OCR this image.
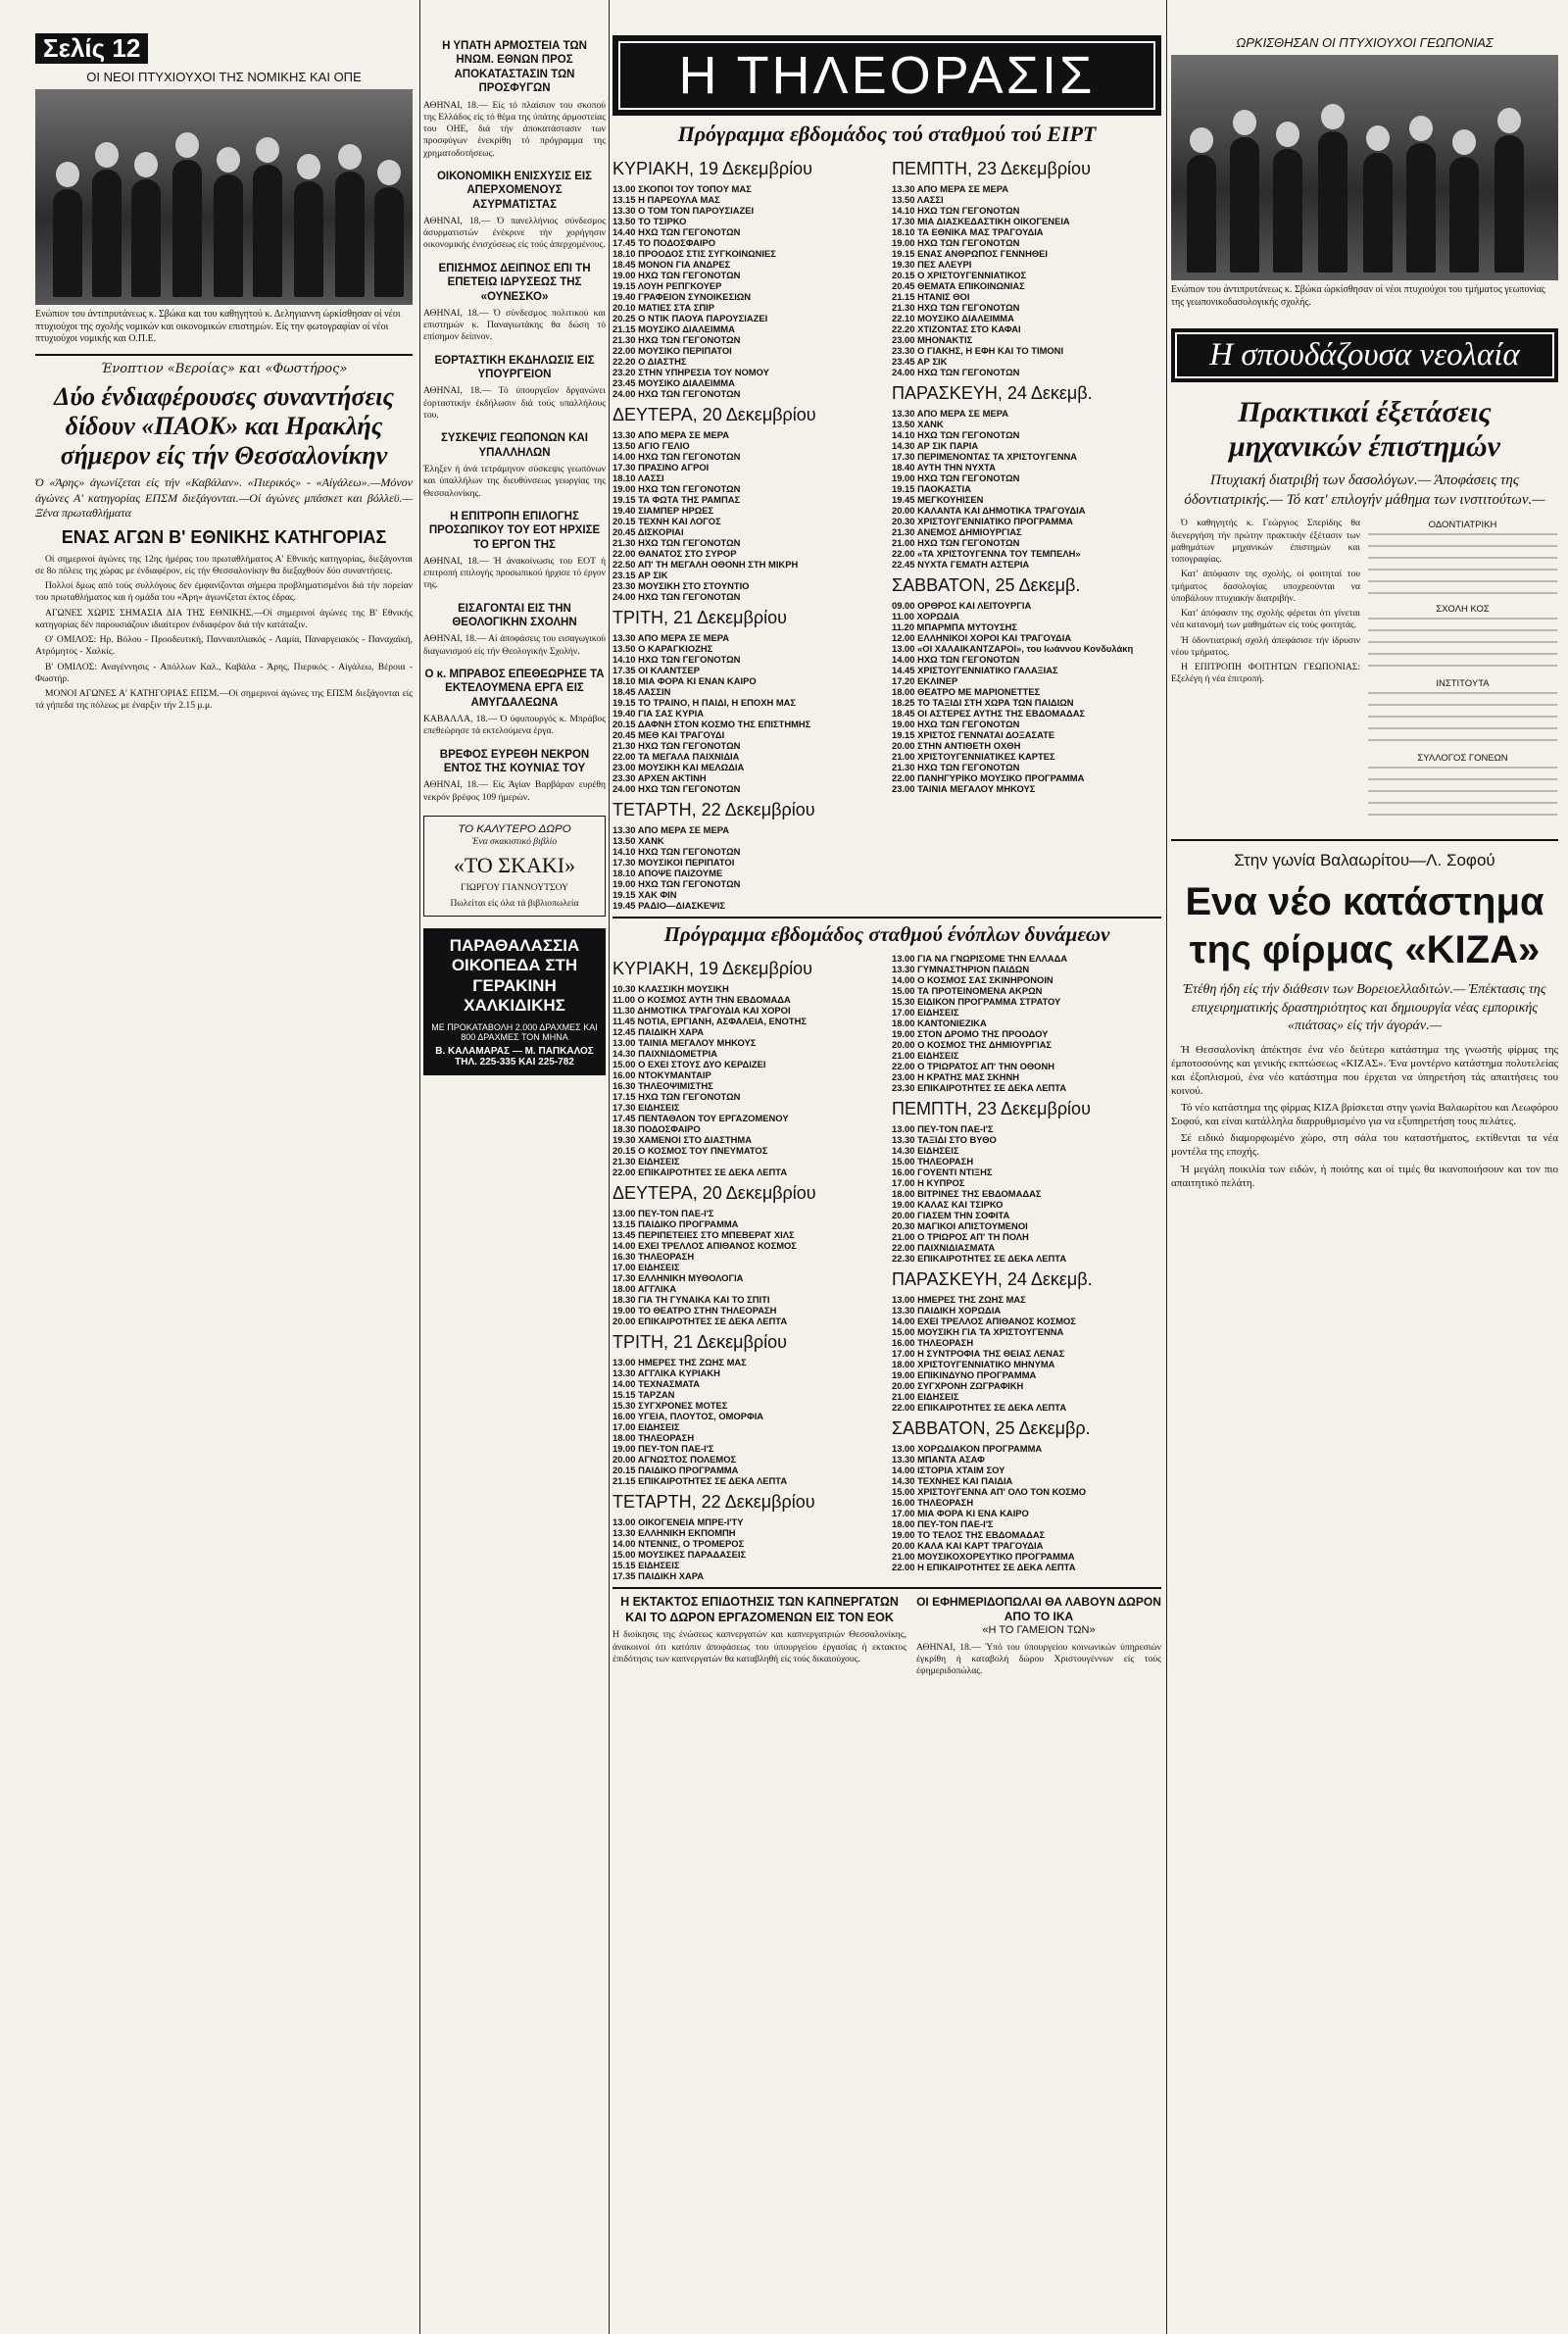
Σελίς 12
ΟΙ ΝΕΟΙ ΠΤΥΧΙΟΥΧΟΙ ΤΗΣ ΝΟΜΙΚΗΣ ΚΑΙ ΟΠΕ
Ενώπιον του άντιπρυτάνεως κ. Σβώκα και του καθηγητού κ. Δεληγιαννη ώρκίσθησαν οί νέοι πτυχιούχοι της σχολής νομικών και οικονομικών επιστημών. Είς την φωτογραφίαν οί νέοι πτυχιούχοι νομικής και Ο.Π.Ε.
Ένοπτιον «Βεροίας» και «Φωστήρος»
Δύο ένδιαφέρουσες συναντήσεις δίδουν «ΠΑΟΚ» και Ηρακλής σήμερον είς τήν Θεσσαλονίκην
Ό «Άρης» άγωνίζεται είς τήν «Καβάλαν». «Πιερικός» - «Αίγάλεω».—Μόνον άγώνες Α' κατηγορίας ΕΠΣΜ διεξάγονται.—Οί άγώνες μπάσκετ και βόλλεϋ.—Ξένα πρωταθλήματα
ΕΝΑΣ ΑΓΩΝ Β' ΕΘΝΙΚΗΣ ΚΑΤΗΓΟΡΙΑΣ

Οί σημερινοί άγώνες της 12ης ήμέρας του πρωταθλήματος Α' Εθνικής κατηγορίας, διεξάγονται σε 8ο πόλεις της χώρας με ένδιαφέρον, είς τήν Θεσσαλονίκην θα διεξαχθούν δύο συναντήσεις.

Πολλοί δμως από τούς συλλόγους δεν έμφανίζονται σήμερα προβληματισμένοι διά τήν πορείαν του πρωταθλήματος και ή ομάδα του «Άρη» άγωνίζεται έκτος έδρας.

ΑΓΩΝΕΣ ΧΩΡΙΣ ΣΗΜΑΣΙΑ ΔΙΑ ΤΗΣ ΕΘΝΙΚΗΣ.—Οί σημερινοί άγώνες της Β' Εθνικής κατηγορίας δέν παρουσιάζουν ιδιαίτερον ένδιαφέρον διά τήν κατάταξιν.

Ο' ΟΜΙΛΟΣ: Ηρ. Βόλου - Προοδευτική, Πανναυπλιακός - Λαμία, Παναργειακός - Παναχαϊκή, Ατρόμητος - Χαλκίς.

Β' ΟΜΙΛΟΣ: Αναγέννησις - Απόλλων Καλ., Καβάλα - Άρης, Πιερικός - Αίγάλεω, Βέροια - Φωστήρ.

ΜΟΝΟΙ ΑΓΩΝΕΣ Α' ΚΑΤΗΓΟΡΙΑΣ ΕΠΣΜ.—Οί σημερινοί άγώνες της ΕΠΣΜ διεξάγονται είς τά γήπεδα της πόλεως με έναρξιν τήν 2.15 μ.μ.

Η ΥΠΑΤΗ ΑΡΜΟΣΤΕΙΑ ΤΩΝ ΗΝΩΜ. ΕΘΝΩΝ ΠΡΟΣ ΑΠΟΚΑΤΑΣΤΑΣΙΝ ΤΩΝ ΠΡΟΣΦΥΓΩΝ
ΑΘΗΝΑΙ, 18.— Είς τό πλαίσιον του σκοπού της Ελλάδος είς τό θέμα της ύπάτης άρμοστείας του ΟΗΕ, διά τήν άποκατάστασιν των προσφύγων ένεκρίθη τό πρόγραμμα της χρηματοδοτήσεως.
ΟΙΚΟΝΟΜΙΚΗ ΕΝΙΣΧΥΣΙΣ ΕΙΣ ΑΠΕΡΧΟΜΕΝΟΥΣ ΑΣΥΡΜΑΤΙΣΤΑΣ
ΑΘΗΝΑΙ, 18.— Ό πανελλήνιος σύνδεσμος άσυρματιστών ένέκρινε τήν χορήγησιν οικονομικής ένισχύσεως είς τούς άπερχομένους.
ΕΠΙΣΗΜΟΣ ΔΕΙΠΝΟΣ ΕΠΙ ΤΗ ΕΠΕΤΕΙΩ ΙΔΡΥΣΕΩΣ ΤΗΣ «ΟΥΝΕΣΚΟ»
ΑΘΗΝΑΙ, 18.— Ό σύνδεσμος πολιτικού και επιστημών κ. Παναγιωτάκης θα δώση τό επίσημον δείπνον.
ΕΟΡΤΑΣΤΙΚΗ ΕΚΔΗΛΩΣΙΣ ΕΙΣ ΥΠΟΥΡΓΕΙΟΝ
ΑΘΗΝΑΙ, 18.— Τό ύπουργεΐον δργανώνει έορταστικήν έκδήλωσιν διά τούς υπαλλήλους του.
ΣΥΣΚΕΨΙΣ ΓΕΩΠΟΝΩΝ ΚΑΙ ΥΠΑΛΛΗΛΩΝ
Έληξεν ή άνά τετράμηνον σύσκεψις γεωπόνων και ύπαλλήλων της διευθύνσεως γεωργίας της Θεσσαλονίκης.
Η ΕΠΙΤΡΟΠΗ ΕΠΙΛΟΓΗΣ ΠΡΟΣΩΠΙΚΟΥ ΤΟΥ ΕΟΤ ΗΡΧΙΣΕ ΤΟ ΕΡΓΟΝ ΤΗΣ
ΑΘΗΝΑΙ, 18.— Ή άνακοίνωσις του ΕΟΤ ή επιτροπή επιλογής προσωπικού ήρχισε τό έργον της.
ΕΙΣΑΓΟΝΤΑΙ ΕΙΣ ΤΗΝ ΘΕΟΛΟΓΙΚΗΝ ΣΧΟΛΗΝ
ΑΘΗΝΑΙ, 18.— Αί άποφάσεις του εισαγωγικού διαγωνισμού είς τήν Θεολογικήν Σχολήν.
Ο κ. ΜΠΡΑΒΟΣ ΕΠΕΘΕΩΡΗΣΕ ΤΑ ΕΚΤΕΛΟΥΜΕΝΑ ΕΡΓΑ ΕΙΣ ΑΜΥΓΔΑΛΕΩΝΑ
ΚΑΒΑΛΛΑ, 18.— Ό ύφυπουργός κ. Μπράβος επεθεώρησε τά εκτελούμενα έργα.
ΒΡΕΦΟΣ ΕΥΡΕΘΗ ΝΕΚΡΟΝ ΕΝΤΟΣ ΤΗΣ ΚΟΥΝΙΑΣ ΤΟΥ
ΑΘΗΝΑΙ, 18.— Είς Άγίαν Βαρβάραν ευρέθη νεκρόν βρέφος 109 ήμερών.
ΤΟ ΚΑΛΥΤΕΡΟ ΔΩΡΟ
Ένα σκακιστικό βιβλίο
«ΤΟ ΣΚΑΚΙ»
ΓΙΩΡΓΟΥ ΓΙΑΝΝΟΥΤΣΟΥ
Πωλείται είς όλα τά βιβλιοπωλεία
ΠΑΡΑΘΑΛΑΣΣΙΑ ΟΙΚΟΠΕΔΑ ΣΤΗ ΓΕΡΑΚΙΝΗ ΧΑΛΚΙΔΙΚΗΣ
ΜΕ ΠΡΟΚΑΤΑΒΟΛΗ 2.000 ΔΡΑΧΜΕΣ ΚΑΙ 800 ΔΡΑΧΜΕΣ ΤΟΝ ΜΗΝΑ
Β. ΚΑΛΑΜΑΡΑΣ — Μ. ΠΑΠΚΑΛΟΣ
ΤΗΛ. 225-335 ΚΑΙ 225-782
Η ΤΗΛΕΟΡΑΣΙΣ
Πρόγραμμα εβδομάδος τού σταθμού τού ΕΙΡΤ
ΚΥΡΙΑΚΗ, 19 Δεκεμβρίου
13.00 ΣΚΟΠΟΙ ΤΟΥ ΤΟΠΟΥ ΜΑΣ
13.15 Η ΠΑΡΕΟΥΛΑ ΜΑΣ
13.30 Ο ΤΟΜ ΤΟΝ ΠΑΡΟΥΣΙΑΖΕΙ
13.50 ΤΟ ΤΣΙΡΚΟ
14.40 ΗΧΩ ΤΩΝ ΓΕΓΟΝΟΤΩΝ
17.45 ΤΟ ΠΟΔΟΣΦΑΙΡΟ
18.10 ΠΡΟΟΔΟΣ ΣΤΙΣ ΣΥΓΚΟΙΝΩΝΙΕΣ
18.45 ΜΟΝΟΝ ΓΙΑ ΑΝΔΡΕΣ
19.00 ΗΧΩ ΤΩΝ ΓΕΓΟΝΟΤΩΝ
19.15 ΛΟΥΗ ΡΕΠΓΚΟΥΕΡ
19.40 ΓΡΑΦΕΙΟΝ ΣΥΝΟΙΚΕΣΙΩΝ
20.10 ΜΑΤΙΕΣ ΣΤΑ ΣΠΙΡ
20.25 Ο ΝΤΙΚ ΠΑΟΥΑ ΠΑΡΟΥΣΙΑΖΕΙ
21.15 ΜΟΥΣΙΚΟ ΔΙΑΛΕΙΜΜΑ
21.30 ΗΧΩ ΤΩΝ ΓΕΓΟΝΟΤΩΝ
22.00 ΜΟΥΣΙΚΟ ΠΕΡΙΠΑΤΟΙ
22.20 Ο ΔΙΑΣΤΗΣ
23.20 ΣΤΗΝ ΥΠΗΡΕΣΙΑ ΤΟΥ ΝΟΜΟΥ
23.45 ΜΟΥΣΙΚΟ ΔΙΑΛΕΙΜΜΑ
24.00 ΗΧΩ ΤΩΝ ΓΕΓΟΝΟΤΩΝ
ΔΕΥΤΕΡΑ, 20 Δεκεμβρίου
13.30 ΑΠΟ ΜΕΡΑ ΣΕ ΜΕΡΑ
13.50 ΑΓΙΟ ΓΕΛΙΟ
14.00 ΗΧΩ ΤΩΝ ΓΕΓΟΝΟΤΩΝ
17.30 ΠΡΑΣΙΝΟ ΑΓΡΟΙ
18.10 ΛΑΣΣΙ
19.00 ΗΧΩ ΤΩΝ ΓΕΓΟΝΟΤΩΝ
19.15 ΤΑ ΦΩΤΑ ΤΗΣ ΡΑΜΠΑΣ
19.40 ΣΙΑΜΠΕΡ ΗΡΩΕΣ
20.15 ΤΕΧΝΗ ΚΑΙ ΛΟΓΟΣ
20.45 ΔΙΣΚΟΡΙΑΙ
21.30 ΗΧΩ ΤΩΝ ΓΕΓΟΝΟΤΩΝ
22.00 ΘΑΝΑΤΟΣ ΣΤΟ ΣΥΡΟΡ
22.50 ΑΠ' ΤΗ ΜΕΓΑΛΗ ΟΘΟΝΗ ΣΤΗ ΜΙΚΡΗ
23.15 ΑΡ ΣΙΚ
23.30 ΜΟΥΣΙΚΗ ΣΤΟ ΣΤΟΥΝΤΙΟ
24.00 ΗΧΩ ΤΩΝ ΓΕΓΟΝΟΤΩΝ
ΤΡΙΤΗ, 21 Δεκεμβρίου
13.30 ΑΠΟ ΜΕΡΑ ΣΕ ΜΕΡΑ
13.50 Ο ΚΑΡΑΓΚΙΟΖΗΣ
14.10 ΗΧΩ ΤΩΝ ΓΕΓΟΝΟΤΩΝ
17.35 ΟΙ ΚΛΑΝΤΣΕΡ
18.10 ΜΙΑ ΦΟΡΑ ΚΙ ΕΝΑΝ ΚΑΙΡΟ
18.45 ΛΑΣΣΙΝ
19.15 ΤΟ ΤΡΑΙΝΟ, Η ΠΑΙΔΙ, Η ΕΠΟΧΗ ΜΑΣ
19.40 ΓΙΑ ΣΑΣ ΚΥΡΙΑ
20.15 ΔΑΦΝΗ ΣΤΟΝ ΚΟΣΜΟ ΤΗΣ ΕΠΙΣΤΗΜΗΣ
20.45 ΜΕΘ ΚΑΙ ΤΡΑΓΟΥΔΙ
21.30 ΗΧΩ ΤΩΝ ΓΕΓΟΝΟΤΩΝ
22.00 ΤΑ ΜΕΓΑΛΑ ΠΑΙΧΝΙΔΙΑ
23.00 ΜΟΥΣΙΚΗ ΚΑΙ ΜΕΛΩΔΙΑ
23.30 ΑΡΧΕΝ ΑΚΤΙΝΗ
24.00 ΗΧΩ ΤΩΝ ΓΕΓΟΝΟΤΩΝ
ΤΕΤΑΡΤΗ, 22 Δεκεμβρίου
13.30 ΑΠΟ ΜΕΡΑ ΣΕ ΜΕΡΑ
13.50 ΧΑΝΚ
14.10 ΗΧΩ ΤΩΝ ΓΕΓΟΝΟΤΩΝ
17.30 ΜΟΥΣΙΚΟΙ ΠΕΡΙΠΑΤΟΙ
18.10 ΑΠΟΨΕ ΠΑΙΖΟΥΜΕ
19.00 ΗΧΩ ΤΩΝ ΓΕΓΟΝΟΤΩΝ
19.15 ΧΑΚ ΦΙΝ
19.45 ΡΑΔΙΟ—ΔΙΑΣΚΕΨΙΣ
ΠΕΜΠΤΗ, 23 Δεκεμβρίου
13.30 ΑΠΟ ΜΕΡΑ ΣΕ ΜΕΡΑ
13.50 ΛΑΣΣΙ
14.10 ΗΧΩ ΤΩΝ ΓΕΓΟΝΟΤΩΝ
17.30 ΜΙΑ ΔΙΑΣΚΕΔΑΣΤΙΚΗ ΟΙΚΟΓΕΝΕΙΑ
18.10 ΤΑ ΕΘΝΙΚΑ ΜΑΣ ΤΡΑΓΟΥΔΙΑ
19.00 ΗΧΩ ΤΩΝ ΓΕΓΟΝΟΤΩΝ
19.15 ΕΝΑΣ ΑΝΘΡΩΠΟΣ ΓΕΝΝΗΘΕΙ
19.30 ΠΕΣ ΑΛΕΥΡΙ
20.15 Ο ΧΡΙΣΤΟΥΓΕΝΝΙΑΤΙΚΟΣ
20.45 ΘΕΜΑΤΑ ΕΠΙΚΟΙΝΩΝΙΑΣ
21.15 ΗΤΑΝΙΣ ΘΟΙ
21.30 ΗΧΩ ΤΩΝ ΓΕΓΟΝΟΤΩΝ
22.10 ΜΟΥΣΙΚΟ ΔΙΑΛΕΙΜΜΑ
22.20 ΧΤΙΖΟΝΤΑΣ ΣΤΟ ΚΑΦΑΙ
23.00 ΜΗΟΝΑΚΤΙΣ
23.30 Ο ΓΙΑΚΗΣ, Η ΕΦΗ ΚΑΙ ΤΟ ΤΙΜΟΝΙ
23.45 ΑΡ ΣΙΚ
24.00 ΗΧΩ ΤΩΝ ΓΕΓΟΝΟΤΩΝ
ΠΑΡΑΣΚΕΥΗ, 24 Δεκεμβ.
13.30 ΑΠΟ ΜΕΡΑ ΣΕ ΜΕΡΑ
13.50 ΧΑΝΚ
14.10 ΗΧΩ ΤΩΝ ΓΕΓΟΝΟΤΩΝ
14.30 ΑΡ ΣΙΚ ΠΑΡΙΑ
17.30 ΠΕΡΙΜΕΝΟΝΤΑΣ ΤΑ ΧΡΙΣΤΟΥΓΕΝΝΑ
18.40 ΑΥΤΗ ΤΗΝ ΝΥΧΤΑ
19.00 ΗΧΩ ΤΩΝ ΓΕΓΟΝΟΤΩΝ
19.15 ΠΑΟΚΑΣΤΙΑ
19.45 ΜΕΓΚΟΥΗΙΣΕΝ
20.00 ΚΑΛΑΝΤΑ ΚΑΙ ΔΗΜΟΤΙΚΑ ΤΡΑΓΟΥΔΙΑ
20.30 ΧΡΙΣΤΟΥΓΕΝΝΙΑΤΙΚΟ ΠΡΟΓΡΑΜΜΑ
21.30 ΑΝΕΜΟΣ ΔΗΜΙΟΥΡΓΙΑΣ
21.00 ΗΧΩ ΤΩΝ ΓΕΓΟΝΟΤΩΝ
22.00 «ΤΑ ΧΡΙΣΤΟΥΓΕΝΝΑ ΤΟΥ ΤΕΜΠΕΛΗ»
22.45 ΝΥΧΤΑ ΓΕΜΑΤΗ ΑΣΤΕΡΙΑ
ΣΑΒΒΑΤΟΝ, 25 Δεκεμβ.
09.00 ΟΡΘΡΟΣ ΚΑΙ ΛΕΙΤΟΥΡΓΙΑ
11.00 ΧΟΡΩΔΙΑ
11.20 ΜΠΑΡΜΠΑ ΜΥΤΟΥΣΗΣ
12.00 ΕΛΛΗΝΙΚΟΙ ΧΟΡΟΙ ΚΑΙ ΤΡΑΓΟΥΔΙΑ
13.00 «ΟΙ ΧΑΛΑΙΚΑΝΤΖΑΡΟΙ», του Ιωάννου Κονδυλάκη
14.00 ΗΧΩ ΤΩΝ ΓΕΓΟΝΟΤΩΝ
14.45 ΧΡΙΣΤΟΥΓΕΝΝΙΑΤΙΚΟ ΓΑΛΑΞΙΑΣ
17.20 ΕΚΛΙΝΕΡ
18.00 ΘΕΑΤΡΟ ΜΕ ΜΑΡΙΟΝΕΤΤΕΣ
18.25 ΤΟ ΤΑΞΙΔΙ ΣΤΗ ΧΩΡΑ ΤΩΝ ΠΑΙΔΙΩΝ
18.45 ΟΙ ΑΣΤΕΡΕΣ ΑΥΤΗΣ ΤΗΣ ΕΒΔΟΜΑΔΑΣ
19.00 ΗΧΩ ΤΩΝ ΓΕΓΟΝΟΤΩΝ
19.15 ΧΡΙΣΤΟΣ ΓΕΝΝΑΤΑΙ ΔΟΞΑΣΑΤΕ
20.00 ΣΤΗΝ ΑΝΤΙΘΕΤΗ ΟΧΘΗ
21.00 ΧΡΙΣΤΟΥΓΕΝΝΙΑΤΙΚΕΣ ΚΑΡΤΕΣ
21.30 ΗΧΩ ΤΩΝ ΓΕΓΟΝΟΤΩΝ
22.00 ΠΑΝΗΓΥΡΙΚΟ ΜΟΥΣΙΚΟ ΠΡΟΓΡΑΜΜΑ
23.00 ΤΑΙΝΙΑ ΜΕΓΑΛΟΥ ΜΗΚΟΥΣ
Πρόγραμμα εβδομάδος σταθμού ένόπλων δυνάμεων
ΚΥΡΙΑΚΗ, 19 Δεκεμβρίου
10.30 ΚΛΑΣΣΙΚΗ ΜΟΥΣΙΚΗ
11.00 Ο ΚΟΣΜΟΣ ΑΥΤΗ ΤΗΝ ΕΒΔΟΜΑΔΑ
11.30 ΔΗΜΟΤΙΚΑ ΤΡΑΓΟΥΔΙΑ ΚΑΙ ΧΟΡΟΙ
11.45 ΝΟΤΙΑ, ΕΡΓΙΑΝΗ, ΑΣΦΑΛΕΙΑ, ΕΝΟΤΗΣ
12.45 ΠΑΙΔΙΚΗ ΧΑΡΑ
13.00 ΤΑΙΝΙΑ ΜΕΓΑΛΟΥ ΜΗΚΟΥΣ
14.30 ΠΑΙΧΝΙΔΟΜΕΤΡΙΑ
15.00 Ο ΕΧΕΙ ΣΤΟΥΣ ΔΥΟ ΚΕΡΔΙΖΕΙ
16.00 ΝΤΟΚΥΜΑΝΤΑΙΡ
16.30 ΤΗΛΕΟΨΙΜΙΣΤΗΣ
17.15 ΗΧΩ ΤΩΝ ΓΕΓΟΝΟΤΩΝ
17.30 ΕΙΔΗΣΕΙΣ
17.45 ΠΕΝΤΑΘΛΟΝ ΤΟΥ ΕΡΓΑΖΟΜΕΝΟΥ
18.30 ΠΟΔΟΣΦΑΙΡΟ
19.30 ΧΑΜΕΝΟΙ ΣΤΟ ΔΙΑΣΤΗΜΑ
20.15 Ο ΚΟΣΜΟΣ ΤΟΥ ΠΝΕΥΜΑΤΟΣ
21.30 ΕΙΔΗΣΕΙΣ
22.00 ΕΠΙΚΑΙΡΟΤΗΤΕΣ ΣΕ ΔΕΚΑ ΛΕΠΤΑ
ΔΕΥΤΕΡΑ, 20 Δεκεμβρίου
13.00 ΠΕΥ-ΤΟΝ ΠΑΕ-Ι'Σ
13.15 ΠΑΙΔΙΚΟ ΠΡΟΓΡΑΜΜΑ
13.45 ΠΕΡΙΠΕΤΕΙΕΣ ΣΤΟ ΜΠΕΒΕΡΑΤ ΧΙΛΣ
14.00 ΕΧΕΙ ΤΡΕΛΛΟΣ ΑΠΙΘΑΝΟΣ ΚΟΣΜΟΣ
16.30 ΤΗΛΕΟΡΑΣΗ
17.00 ΕΙΔΗΣΕΙΣ
17.30 ΕΛΛΗΝΙΚΗ ΜΥΘΟΛΟΓΙΑ
18.00 ΑΓΓΛΙΚΑ
18.30 ΓΙΑ ΤΗ ΓΥΝΑΙΚΑ ΚΑΙ ΤΟ ΣΠΙΤΙ
19.00 ΤΟ ΘΕΑΤΡΟ ΣΤΗΝ ΤΗΛΕΟΡΑΣΗ
20.00 ΕΠΙΚΑΙΡΟΤΗΤΕΣ ΣΕ ΔΕΚΑ ΛΕΠΤΑ
ΤΡΙΤΗ, 21 Δεκεμβρίου
13.00 ΗΜΕΡΕΣ ΤΗΣ ΖΩΗΣ ΜΑΣ
13.30 ΑΓΓΛΙΚΑ ΚΥΡΙΑΚΗ
14.00 ΤΕΧΝΑΣΜΑΤΑ
15.15 ΤΑΡΖΑΝ
15.30 ΣΥΓΧΡΟΝΕΣ ΜΟΤΕΣ
16.00 ΥΓΕΙΑ, ΠΛΟΥΤΟΣ, ΟΜΟΡΦΙΑ
17.00 ΕΙΔΗΣΕΙΣ
18.00 ΤΗΛΕΟΡΑΣΗ
19.00 ΠΕΥ-ΤΟΝ ΠΑΕ-Ι'Σ
20.00 ΑΓΝΩΣΤΟΣ ΠΟΛΕΜΟΣ
20.15 ΠΑΙΔΙΚΟ ΠΡΟΓΡΑΜΜΑ
21.15 ΕΠΙΚΑΙΡΟΤΗΤΕΣ ΣΕ ΔΕΚΑ ΛΕΠΤΑ
ΤΕΤΑΡΤΗ, 22 Δεκεμβρίου
13.00 ΟΙΚΟΓΕΝΕΙΑ ΜΠΡΕ-Ι'ΤΥ
13.30 ΕΛΛΗΝΙΚΗ ΕΚΠΟΜΠΗ
14.00 ΝΤΕΝΝΙΣ, Ο ΤΡΟΜΕΡΟΣ
15.00 ΜΟΥΣΙΚΕΣ ΠΑΡΑΔΑΣΕΙΣ
15.15 ΕΙΔΗΣΕΙΣ
17.35 ΠΑΙΔΙΚΗ ΧΑΡΑ
13.00 ΓΙΑ ΝΑ ΓΝΩΡΙΣΟΜΕ ΤΗΝ ΕΛΛΑΔΑ
13.30 ΓΥΜΝΑΣΤΗΡΙΟΝ ΠΑΙΔΩΝ
14.00 Ο ΚΟΣΜΟΣ ΣΑΣ ΣΚΙΝΗΡΟΝΟΙΝ
15.00 ΤΑ ΠΡΟΤΕΙΝΟΜΕΝΑ ΑΚΡΩΝ
15.30 ΕΙΔΙΚΟΝ ΠΡΟΓΡΑΜΜΑ ΣΤΡΑΤΟΥ
17.00 ΕΙΔΗΣΕΙΣ
18.00 ΚΑΝΤΟΝΙΕΖΙΚΑ
19.00 ΣΤΟΝ ΔΡΟΜΟ ΤΗΣ ΠΡΟΟΔΟΥ
20.00 Ο ΚΟΣΜΟΣ ΤΗΣ ΔΗΜΙΟΥΡΓΙΑΣ
21.00 ΕΙΔΗΣΕΙΣ
22.00 Ο ΤΡΙΩΡΑΤΟΣ ΑΠ' ΤΗΝ ΟΘΟΝΗ
23.00 Η ΚΡΑΤΗΣ ΜΑΣ ΣΚΗΝΗ
23.30 ΕΠΙΚΑΙΡΟΤΗΤΕΣ ΣΕ ΔΕΚΑ ΛΕΠΤΑ
ΠΕΜΠΤΗ, 23 Δεκεμβρίου
13.00 ΠΕΥ-ΤΟΝ ΠΑΕ-Ι'Σ
13.30 ΤΑΞΙΔΙ ΣΤΟ ΒΥΘΟ
14.30 ΕΙΔΗΣΕΙΣ
15.00 ΤΗΛΕΟΡΑΣΗ
16.00 ΓΟΥΕΝΤΙ ΝΤΙΞΗΣ
17.00 Η ΚΥΠΡΟΣ
18.00 ΒΙΤΡΙΝΕΣ ΤΗΣ ΕΒΔΟΜΑΔΑΣ
19.00 ΚΑΛΑΣ ΚΑΙ ΤΣΙΡΚΟ
20.00 ΓΙΑΣΕΜ ΤΗΝ ΣΟΦΙΤΑ
20.30 ΜΑΓΙΚΟΙ ΑΠΙΣΤΟΥΜΕΝΟΙ
21.00 Ο ΤΡΙΩΡΟΣ ΑΠ' ΤΗ ΠΟΛΗ
22.00 ΠΑΙΧΝΙΔΙΑΣΜΑΤΑ
22.30 ΕΠΙΚΑΙΡΟΤΗΤΕΣ ΣΕ ΔΕΚΑ ΛΕΠΤΑ
ΠΑΡΑΣΚΕΥΗ, 24 Δεκεμβ.
13.00 ΗΜΕΡΕΣ ΤΗΣ ΖΩΗΣ ΜΑΣ
13.30 ΠΑΙΔΙΚΗ ΧΟΡΩΔΙΑ
14.00 ΕΧΕΙ ΤΡΕΛΛΟΣ ΑΠΙΘΑΝΟΣ ΚΟΣΜΟΣ
15.00 ΜΟΥΣΙΚΗ ΓΙΑ ΤΑ ΧΡΙΣΤΟΥΓΕΝΝΑ
16.00 ΤΗΛΕΟΡΑΣΗ
17.00 Η ΣΥΝΤΡΟΦΙΑ ΤΗΣ ΘΕΙΑΣ ΛΕΝΑΣ
18.00 ΧΡΙΣΤΟΥΓΕΝΝΙΑΤΙΚΟ ΜΗΝΥΜΑ
19.00 ΕΠΙΚΙΝΔΥΝΟ ΠΡΟΓΡΑΜΜΑ
20.00 ΣΥΓΧΡΟΝΗ ΖΩΓΡΑΦΙΚΗ
21.00 ΕΙΔΗΣΕΙΣ
22.00 ΕΠΙΚΑΙΡΟΤΗΤΕΣ ΣΕ ΔΕΚΑ ΛΕΠΤΑ
ΣΑΒΒΑΤΟΝ, 25 Δεκεμβρ.
13.00 ΧΟΡΩΔΙΑΚΟΝ ΠΡΟΓΡΑΜΜΑ
13.30 ΜΠΑΝΤΑ ΑΣΑΦ
14.00 ΙΣΤΟΡΙΑ ΧΤΑΙΜ ΣΟΥ
14.30 ΤΕΧΝΗΕΣ ΚΑΙ ΠΑΙΔΙΑ
15.00 ΧΡΙΣΤΟΥΓΕΝΝΑ ΑΠ' ΟΛΟ ΤΟΝ ΚΟΣΜΟ
16.00 ΤΗΛΕΟΡΑΣΗ
17.00 ΜΙΑ ΦΟΡΑ ΚΙ ΕΝΑ ΚΑΙΡΟ
18.00 ΠΕΥ-ΤΟΝ ΠΑΕ-Ι'Σ
19.00 ΤΟ ΤΕΛΟΣ ΤΗΣ ΕΒΔΟΜΑΔΑΣ
20.00 ΚΑΛΑ ΚΑΙ ΚΑΡΤ ΤΡΑΓΟΥΔΙΑ
21.00 ΜΟΥΣΙΚΟΧΟΡΕΥΤΙΚΟ ΠΡΟΓΡΑΜΜΑ
22.00 Η ΕΠΙΚΑΙΡΟΤΗΤΕΣ ΣΕ ΔΕΚΑ ΛΕΠΤΑ
Η ΕΚΤΑΚΤΟΣ ΕΠΙΔΟΤΗΣΙΣ ΤΩΝ ΚΑΠΝΕΡΓΑΤΩΝ ΚΑΙ ΤΟ ΔΩΡΟΝ ΕΡΓΑΖΟΜΕΝΩΝ ΕΙΣ ΤΟΝ ΕΟΚ
Η διοίκησις της ένώσεως καπνεργατών και καπνεργατριών Θεσσαλονίκης, άνακοινοί ότι κατόπιν άποφάσεως του ύπουργείου έργασίας ή εκτακτος έπιδότησις των καπνεργατών θα καταβληθή είς τούς δικαιούχους.
ΟΙ ΕΦΗΜΕΡΙΔΟΠΩΛΑΙ ΘΑ ΛΑΒΟΥΝ ΔΩΡΟΝ ΑΠΟ ΤΟ ΙΚΑ
«Η ΤΟ ΓΑΜΕΙΟΝ ΤΩΝ»
ΑΘΗΝΑΙ, 18.— Ύπό του ύπουργείου κοινωνικών ύπηρεσιών έγκρίθη ή καταβολή δώρου Χριστουγέννων είς τούς έφημεριδοπώλας.
ΩΡΚΙΣΘΗΣΑΝ ΟΙ ΠΤΥΧΙΟΥΧΟΙ ΓΕΩΠΟΝΙΑΣ
Ενώπιον του άντιπρυτάνεως κ. Σβώκα ώρκίσθησαν οί νέοι πτυχιούχοι του τμήματος γεωπονίας της γεωπονικοδασολογικής σχολής.
Η σπουδάζουσα νεολαία
Πρακτικαί έξετάσεις μηχανικών έπιστημών
Πτυχιακή διατριβή των δασολόγων.— Άποφάσεις της όδοντιατρικής.— Τό κατ' επιλογήν μάθημα των ινστιτούτων.—

Ό καθηγητής κ. Γεώργιος Σπερίδης θα διενεργήση τήν πρώτην πρακτικήν έξέτασιν των μαθημάτων μηχανικών έπιστημών και τοπογραφίας.

Κατ' άπόφασιν της σχολής, οί φοιτηταί του τμήματος δασολογίας υποχρεούνται να ύποβάλουν πτυχιακήν διατριβήν.

Κατ' άπόφασιν της σχολής φέρεται ότι γίνεται νέα κατανομή των μαθημάτων είς τούς φοιτητάς.

Ή όδοντιατρική σχολή άπεφάσισε τήν ίδρυσιν νέου τμήματος.

Η ΕΠΙΤΡΟΠΗ ΦΟΙΤΗΤΩΝ ΓΕΩΠΟΝΙΑΣ: Εξελέγη ή νέα έπιτροπή.

ΟΔΟΝΤΙΑΤΡΙΚΗ
ΣΧΟΛΗ ΚΟΣ
ΙΝΣΤΙΤΟΥΤΑ
ΣΥΛΛΟΓΟΣ ΓΟΝΕΩΝ
Στην γωνία Βαλαωρίτου—Λ. Σοφού
Ενα νέο κατάστημα της φίρμας «ΚΙΖΑ»
Έτέθη ήδη είς τήν διάθεσιν των Βορειοελλαδιτών.— Έπέκτασις της επιχειρηματικής δραστηριότητος και δημιουργία νέας εμπορικής «πιάτσας» είς τήν άγοράν.—

Ή Θεσσαλονίκη άπέκτησε ένα νέο δεύτερο κατάστημα της γνωστής φίρμας της έμποτοσούνης και γενικής εκπτώσεως «ΚΙΖΑΣ». Ένα μοντέρνο κατάστημα πολυτελείας και έξοπλισμού, ένα νέο κατάστημα που έρχεται να ύπηρετήση τάς απαιτήσεις του κοινού.

Τό νέο κατάστημα της φίρμας ΚΙΖΑ βρίσκεται στην γωνία Βαλαωρίτου και Λεωφόρου Σοφού, και είναι κατάλληλα διαρρυθμισμένο για να εξυπηρετήση τους πελάτες.

Σέ ειδικό διαμορφωμένο χώρο, στη σάλα του καταστήματος, εκτίθενται τα νέα μοντέλα της εποχής.

Ή μεγάλη ποικιλία των ειδών, ή ποιότης και οί τιμές θα ικανοποιήσουν και τον πιο απαιτητικό πελάτη.
